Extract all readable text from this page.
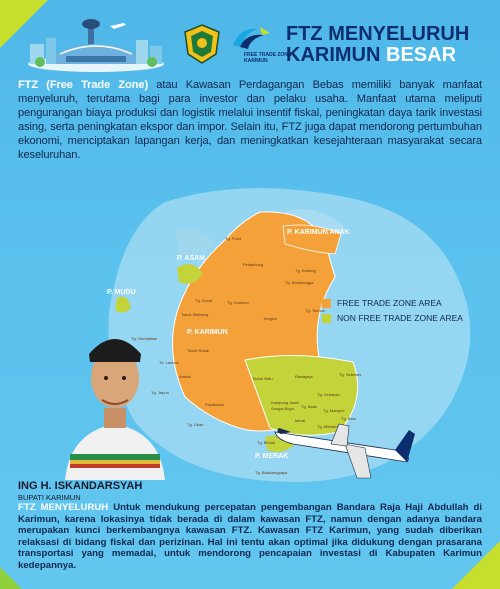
FREE TRADE ZONE
KARIMUN
FTZ MENYELURUH
KARIMUN BESAR
FTZ (Free Trade Zone) atau Kawasan Perdagangan Bebas memiliki banyak manfaat menyeluruh, terutama bagi para investor dan pelaku usaha. Manfaat utama meliputi pengurangan biaya produksi dan logistik melalui insentif fiskal, peningkatan daya tarik investasi asing, serta peningkatan ekspor dan impor. Selain itu, FTZ juga dapat mendorong pertumbuhan ekonomi, menciptakan lapangan kerja, dan meningkatkan kesejahteraan masyarakat secara keseluruhan.
P. KARIMUN ANAK
P. ASAM
P. MUDU
P. KARIMUN
P. MERAK
Tg. Pulut
Pelambung
Tg. Kadong
Tg. Bahatangga
Tg. Sunat
Tokok Sitebang
Tg. Karimun
Tokok Ralak
Tk. Lanbun
Tg. Gendalitan
Tengkul
Tg. Timnon
Tg. Jepun
Ambat	Buluh Batu
Payabaloh
Tg. Uban
Rawajaya	Tg. Sebesek
Tg. Sebakan
Kampung Jawa
Sungai Buya Tg. Balai
Tg. Bintoh
Tg. Melasih
Meral
Tg. Balakangpaya
Tg. Mangrol
Tg. Baru
FREE TRADE ZONE AREA
NON FREE TRADE ZONE AREA
ING H. ISKANDARSYAH
BUPATI KARIMUN
FTZ MENYELURUH Untuk mendukung percepatan pengembangan Bandara Raja Haji Abdullah di Karimun, karena lokasinya tidak berada di dalam kawasan FTZ, namun dengan adanya bandara merupakan kunci berkembangnya kawasan FTZ. Kawasan FTZ Karimun, yang sudah diberikan relaksasi di bidang fiskal dan perizinan. Hal ini tentu akan optimal jika didukung dengan prasarana transportasi yang memadai, untuk mendorong pencapaian investasi di Kabupaten Karimun kedepannya.
